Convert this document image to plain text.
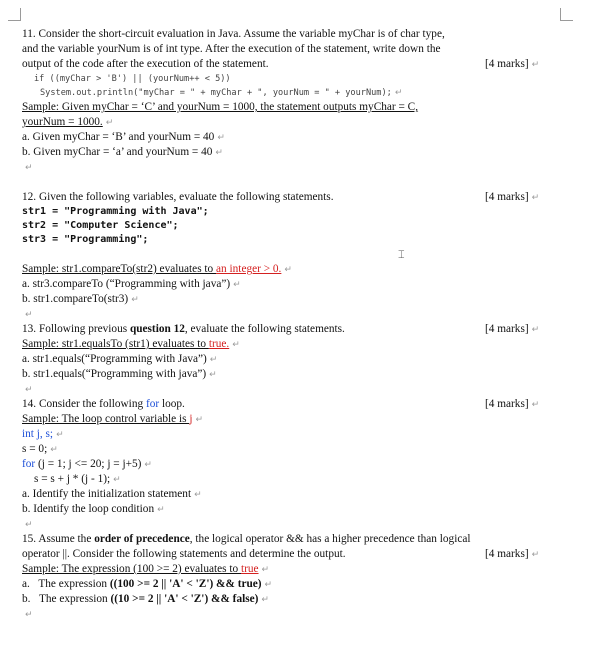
11. Consider the short-circuit evaluation in Java. Assume the variable myChar is of char type,
and the variable yourNum is of int type. After the execution of the statement, write down the
output of the code after the execution of the statement.	[4 marks] ↵
if ((myChar > 'B') || (yourNum++ < 5))
System.out.println("myChar = " + myChar + ", yourNum = " + yourNum); ↵
Sample: Given myChar = ‘C’ and yourNum = 1000, the statement outputs myChar = C,
yourNum = 1000. ↵
a. Given myChar = ‘B’ and yourNum = 40 ↵
b. Given myChar = ‘a’ and yourNum = 40 ↵
↵
12. Given the following variables, evaluate the following statements.	[4 marks] ↵
str1 = "Programming with Java";
str2 = "Computer Science";
str3 = "Programming";
⌶
Sample: str1.compareTo(str2) evaluates to an integer > 0. ↵
a. str3.compareTo (“Programming with java”) ↵
b. str1.compareTo(str3) ↵
↵
13. Following previous question 12, evaluate the following statements.	[4 marks] ↵
Sample: str1.equalsTo (str1) evaluates to true. ↵
a. str1.equals(“Programming with Java”) ↵
b. str1.equals(“Programming with java”) ↵
↵
14. Consider the following for loop.	[4 marks] ↵
Sample: The loop control variable is j ↵
int j, s; ↵
s = 0; ↵
for (j = 1; j <= 20; j = j+5) ↵
s = s + j * (j - 1); ↵
a. Identify the initialization statement ↵
b. Identify the loop condition ↵
↵
15. Assume the order of precedence, the logical operator && has a higher precedence than logical
operator ||. Consider the following statements and determine the output.	[4 marks] ↵
Sample: The expression (100 >= 2) evaluates to true ↵
a. The expression ((100 >= 2 || 'A' < 'Z') && true) ↵
b. The expression ((10 >= 2 || 'A' < 'Z') && false) ↵
↵
